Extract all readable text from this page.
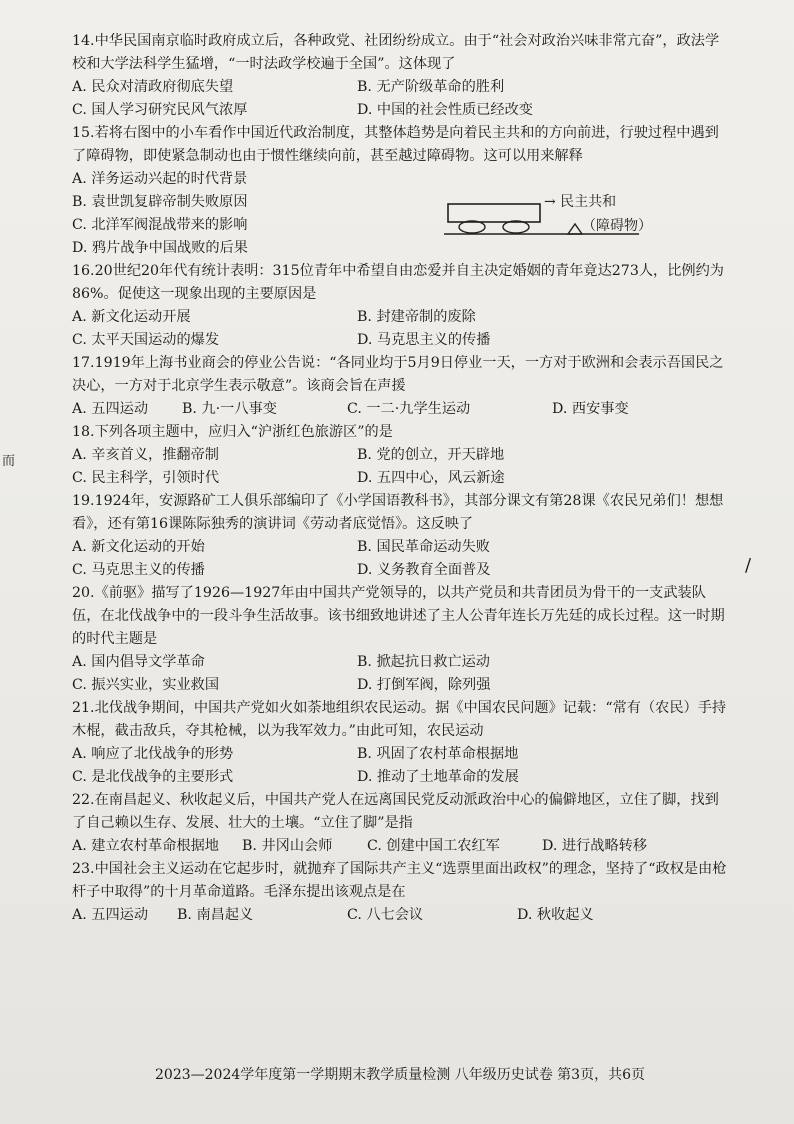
14.中华民国南京临时政府成立后，各种政党、社团纷纷成立。由于“社会对政治兴味非常亢奋”，政法学校和大学法科学生猛增，“一时法政学校遍于全国”。这体现了

A. 民众对清政府彻底失望	B. 无产阶级革命的胜利
C. 国人学习研究民风气浓厚	D. 中国的社会性质已经改变

15.若将右图中的小车看作中国近代政治制度，其整体趋势是向着民主共和的方向前进，行驶过程中遇到了障碍物，即使紧急制动也由于惯性继续向前，甚至越过障碍物。这可以用来解释

A. 洋务运动兴起的时代背景
B. 袁世凯复辟帝制失败原因
C. 北洋军阀混战带来的影响
D. 鸦片战争中国战败的后果
→ 民主共和
（障碍物）

16.20世纪20年代有统计表明：315位青年中希望自由恋爱并自主决定婚姻的青年竟达273人，比例约为86%。促使这一现象出现的主要原因是

A. 新文化运动开展	B. 封建帝制的废除
C. 太平天国运动的爆发	D. 马克思主义的传播

17.1919年上海书业商会的停业公告说：“各同业均于5月9日停业一天，一方对于欧洲和会表示吾国民之决心，一方对于北京学生表示敬意”。该商会旨在声援

A. 五四运动	B. 九·一八事变	C. 一二·九学生运动	D. 西安事变

18.下列各项主题中，应归入“沪浙红色旅游区”的是

A. 辛亥首义，推翻帝制	B. 党的创立，开天辟地
C. 民主科学，引领时代	D. 五四中心，风云新途

19.1924年，安源路矿工人俱乐部编印了《小学国语教科书》，其部分课文有第28课《农民兄弟们！想想看》，还有第16课陈际独秀的演讲词《劳动者底觉悟》。这反映了

A. 新文化运动的开始	B. 国民革命运动失败
C. 马克思主义的传播	D. 义务教育全面普及

20.《前驱》描写了1926—1927年由中国共产党领导的，以共产党员和共青团员为骨干的一支武装队伍，在北伐战争中的一段斗争生活故事。该书细致地讲述了主人公青年连长万先廷的成长过程。这一时期的时代主题是

A. 国内倡导文学革命	B. 掀起抗日救亡运动
C. 振兴实业，实业救国	D. 打倒军阀，除列强

21.北伐战争期间，中国共产党如火如荼地组织农民运动。据《中国农民问题》记载：“常有（农民）手持木棍，截击敌兵，夺其枪械，以为我军效力。”由此可知，农民运动

A. 响应了北伐战争的形势	B. 巩固了农村革命根据地
C. 是北伐战争的主要形式	D. 推动了土地革命的发展

22.在南昌起义、秋收起义后，中国共产党人在远离国民党反动派政治中心的偏僻地区，立住了脚，找到了自己赖以生存、发展、壮大的土壤。“立住了脚”是指

A. 建立农村革命根据地	B. 井冈山会师	C. 创建中国工农红军	D. 进行战略转移

23.中国社会主义运动在它起步时，就抛弃了国际共产主义“选票里面出政权”的理念，坚持了“政权是由枪杆子中取得”的十月革命道路。毛泽东提出该观点是在

A. 五四运动	B. 南昌起义	C. 八七会议	D. 秋收起义
而
/
2023—2024学年度第一学期期末教学质量检测 八年级历史试卷 第3页，共6页
